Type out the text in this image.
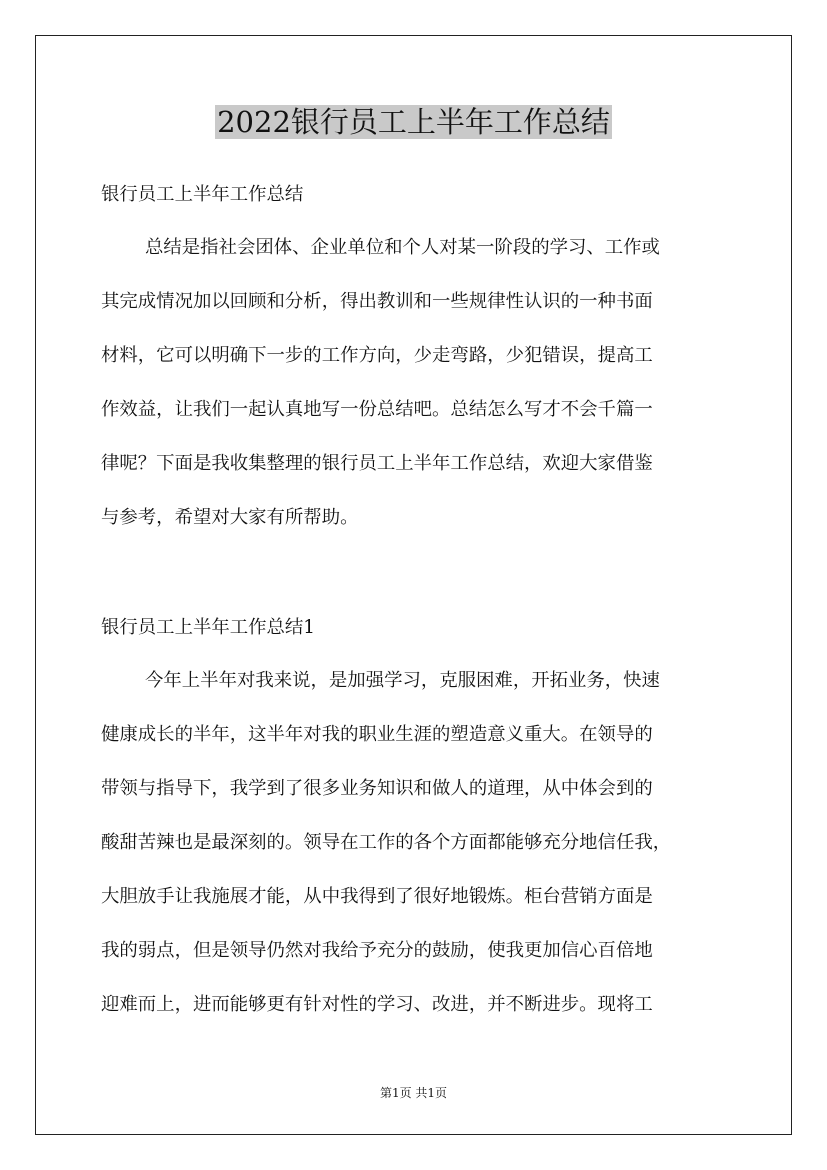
2022银行员工上半年工作总结

银行员工上半年工作总结

总结是指社会团体、企业单位和个人对某一阶段的学习、工作或

其完成情况加以回顾和分析，得出教训和一些规律性认识的一种书面

材料，它可以明确下一步的工作方向，少走弯路，少犯错误，提高工

作效益，让我们一起认真地写一份总结吧。总结怎么写才不会千篇一

律呢？下面是我收集整理的银行员工上半年工作总结，欢迎大家借鉴

与参考，希望对大家有所帮助。

银行员工上半年工作总结1

今年上半年对我来说，是加强学习，克服困难，开拓业务，快速

健康成长的半年，这半年对我的职业生涯的塑造意义重大。在领导的

带领与指导下，我学到了很多业务知识和做人的道理，从中体会到的

酸甜苦辣也是最深刻的。领导在工作的各个方面都能够充分地信任我，

大胆放手让我施展才能，从中我得到了很好地锻炼。柜台营销方面是

我的弱点，但是领导仍然对我给予充分的鼓励，使我更加信心百倍地

迎难而上，进而能够更有针对性的学习、改进，并不断进步。现将工

第1页 共1页
